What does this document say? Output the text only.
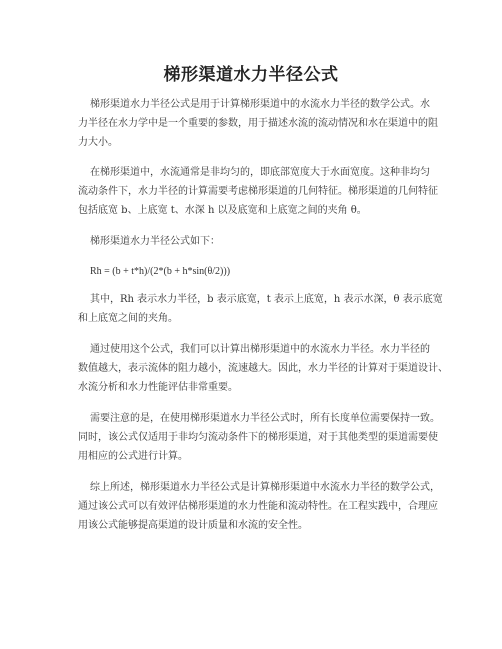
梯形渠道水力半径公式

梯形渠道水力半径公式是用于计算梯形渠道中的水流水力半径的数学公式。水
力半径在水力学中是一个重要的参数，用于描述水流的流动情况和水在渠道中的阻
力大小。

在梯形渠道中，水流通常是非均匀的，即底部宽度大于水面宽度。这种非均匀
流动条件下，水力半径的计算需要考虑梯形渠道的几何特征。梯形渠道的几何特征
包括底宽 b、上底宽 t、水深 h 以及底宽和上底宽之间的夹角 θ。

梯形渠道水力半径公式如下：

Rh = (b + t*h)/(2*(b + h*sin(θ/2)))

其中，Rh 表示水力半径，b 表示底宽，t 表示上底宽，h 表示水深，θ 表示底宽
和上底宽之间的夹角。

通过使用这个公式，我们可以计算出梯形渠道中的水流水力半径。水力半径的
数值越大，表示流体的阻力越小，流速越大。因此，水力半径的计算对于渠道设计、
水流分析和水力性能评估非常重要。

需要注意的是，在使用梯形渠道水力半径公式时，所有长度单位需要保持一致。
同时，该公式仅适用于非均匀流动条件下的梯形渠道，对于其他类型的渠道需要使
用相应的公式进行计算。

综上所述，梯形渠道水力半径公式是计算梯形渠道中水流水力半径的数学公式，
通过该公式可以有效评估梯形渠道的水力性能和流动特性。在工程实践中，合理应
用该公式能够提高渠道的设计质量和水流的安全性。
